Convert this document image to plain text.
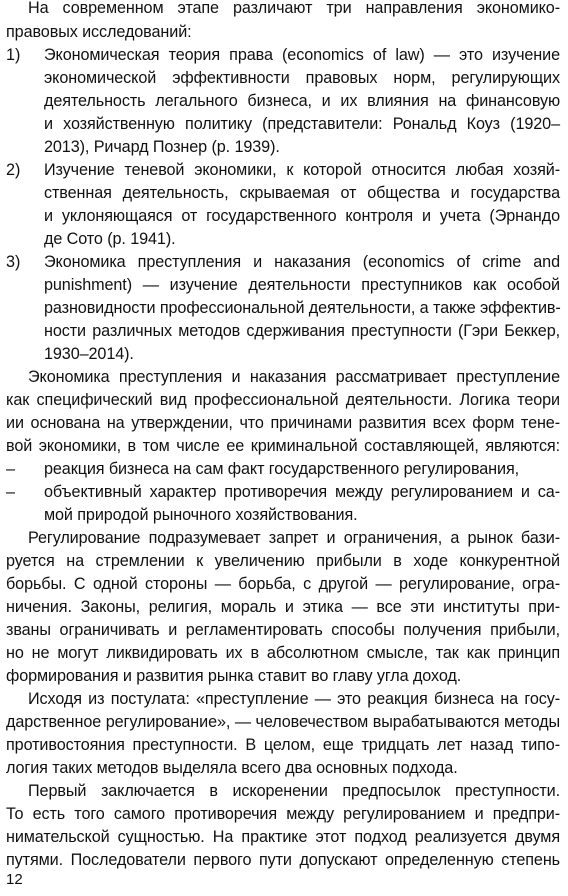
На современном этапе различают три направления экономико-
правовых исследований:
1) Экономическая теория права (economics of law) — это изучение
экономической эффективности правовых норм, регулирующих
деятельность легального бизнеса, и их влияния на финансовую
и хозяйственную политику (представители: Рональд Коуз (1920–
2013), Ричард Познер (р. 1939).
2) Изучение теневой экономики, к которой относится любая хозяй-
ственная деятельность, скрываемая от общества и государства
и уклоняющаяся от государственного контроля и учета (Эрнандо
де Сото (р. 1941).
3) Экономика преступления и наказания (economics of crime and
punishment) — изучение деятельности преступников как особой
разновидности профессиональной деятельности, а также эффектив-
ности различных методов сдерживания преступности (Гэри Беккер,
1930–2014).
Экономика преступления и наказания рассматривает преступление
как специфический вид профессиональной деятельности. Логика теори
ии основана на утверждении, что причинами развития всех форм тене-
вой экономики, в том числе ее криминальной составляющей, являются:
– реакция бизнеса на сам факт государственного регулирования,
– объективный характер противоречия между регулированием и са-
мой природой рыночного хозяйствования.
Регулирование подразумевает запрет и ограничения, а рынок бази-
руется на стремлении к увеличению прибыли в ходе конкурентной
борьбы. С одной стороны — борьба, с другой — регулирование, огра-
ничения. Законы, религия, мораль и этика — все эти институты при-
званы ограничивать и регламентировать способы получения прибыли,
но не могут ликвидировать их в абсолютном смысле, так как принцип
формирования и развития рынка ставит во главу угла доход.
Исходя из постулата: «преступление — это реакция бизнеса на госу-
дарственное регулирование», — человечеством вырабатываются методы
противостояния преступности. В целом, еще тридцать лет назад типо-
логия таких методов выделяла всего два основных подхода.
Первый заключается в искоренении предпосылок преступности.
То есть того самого противоречия между регулированием и предпри-
нимательской сущностью. На практике этот подход реализуется двумя
путями. Последователи первого пути допускают определенную степень
12
